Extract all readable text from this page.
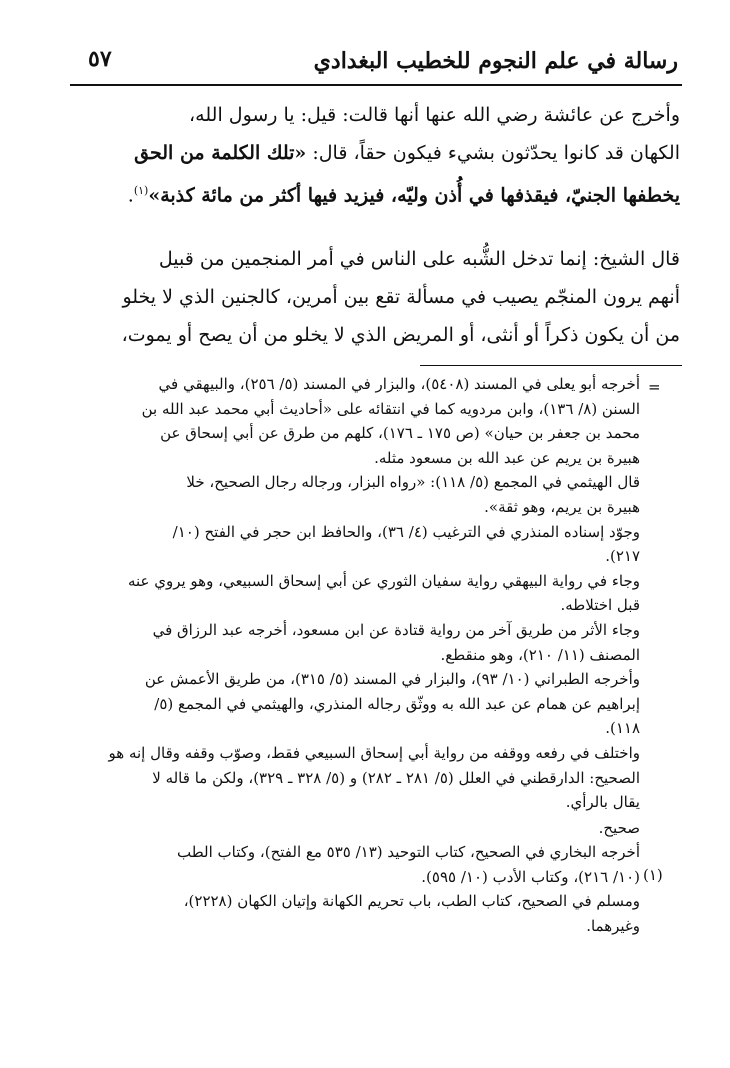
رسالة في علم النجوم للخطيب البغدادي
٥٧
وأخرج عن عائشة رضي الله عنها أنها قالت: قيل: يا رسول الله،
الكهان قد كانوا يحدّثون بشيء فيكون حقاً، قال: «تلك الكلمة من الحق
يخطفها الجنيّ، فيقذفها في أُذن وليّه، فيزيد فيها أكثر من مائة كذبة»$^{(١)}$.
قال الشيخ: إنما تدخل الشُّبه على الناس في أمر المنجمين من قبيل
أنهم يرون المنجّم يصيب في مسألة تقع بين أمرين، كالجنين الذي لا يخلو
من أن يكون ذكراً أو أنثى، أو المريض الذي لا يخلو من أن يصح أو يموت،
=
(١)
أخرجه أبو يعلى في المسند (٥٤٠٨)، والبزار في المسند (٥/ ٢٥٦)، والبيهقي في
السنن (٨/ ١٣٦)، وابن مردويه كما في انتقائه على «أحاديث أبي محمد عبد الله بن
محمد بن جعفر بن حيان» (ص ١٧٥ ـ ١٧٦)، كلهم من طرق عن أبي إسحاق عن
هبيرة بن يريم عن عبد الله بن مسعود مثله.
قال الهيثمي في المجمع (٥/ ١١٨): «رواه البزار، ورجاله رجال الصحيح، خلا
هبيرة بن يريم، وهو ثقة».
وجوّد إسناده المنذري في الترغيب (٤/ ٣٦)، والحافظ ابن حجر في الفتح (١٠/
٢١٧).
وجاء في رواية البيهقي رواية سفيان الثوري عن أبي إسحاق السبيعي، وهو يروي عنه
قبل اختلاطه.
وجاء الأثر من طريق آخر من رواية قتادة عن ابن مسعود، أخرجه عبد الرزاق في
المصنف (١١/ ٢١٠)، وهو منقطع.
وأخرجه الطبراني (١٠/ ٩٣)، والبزار في المسند (٥/ ٣١٥)، من طريق الأعمش عن
إبراهيم عن همام عن عبد الله به ووثّق رجاله المنذري، والهيثمي في المجمع (٥/
١١٨).
واختلف في رفعه ووقفه من رواية أبي إسحاق السبيعي فقط، وصوّب وقفه وقال إنه هو
الصحيح: الدارقطني في العلل (٥/ ٢٨١ ـ ٢٨٢) و (٥/ ٣٢٨ ـ ٣٢٩)، ولكن ما قاله لا
يقال بالرأي.
صحيح.
أخرجه البخاري في الصحيح، كتاب التوحيد (١٣/ ٥٣٥ مع الفتح)، وكتاب الطب
(١٠/ ٢١٦)، وكتاب الأدب (١٠/ ٥٩٥).
ومسلم في الصحيح، كتاب الطب، باب تحريم الكهانة وإتيان الكهان (٢٢٢٨)،
وغيرهما.
